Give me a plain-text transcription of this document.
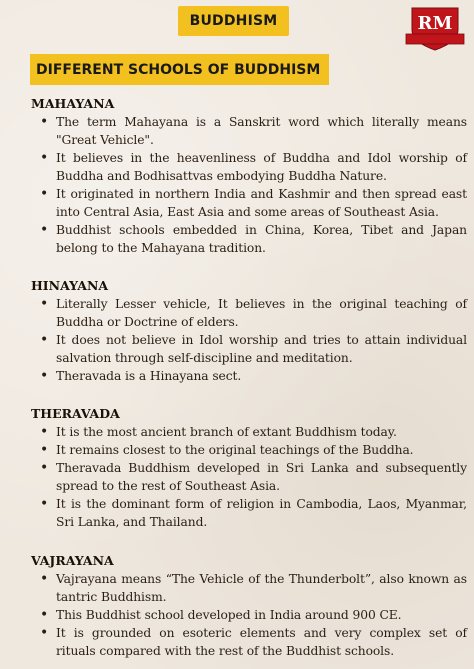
BUDDHISM	RM
DIFFERENT SCHOOLS OF BUDDHISM
MAHAYANA
• The term Mahayana is a Sanskrit word which literally means "Great Vehicle".
• It believes in the heavenliness of Buddha and Idol worship of Buddha and Bodhisattvas embodying Buddha Nature.
• It originated in northern India and Kashmir and then spread east into Central Asia, East Asia and some areas of Southeast Asia.
• Buddhist schools embedded in China, Korea, Tibet and Japan belong to the Mahayana tradition.
HINAYANA
• Literally Lesser vehicle, It believes in the original teaching of Buddha or Doctrine of elders.
• It does not believe in Idol worship and tries to attain individual salvation through self-discipline and meditation.
• Theravada is a Hinayana sect.
THERAVADA
• It is the most ancient branch of extant Buddhism today.
• It remains closest to the original teachings of the Buddha.
• Theravada Buddhism developed in Sri Lanka and subsequently spread to the rest of Southeast Asia.
• It is the dominant form of religion in Cambodia, Laos, Myanmar, Sri Lanka, and Thailand.
VAJRAYANA
• Vajrayana means “The Vehicle of the Thunderbolt”, also known as tantric Buddhism.
• This Buddhist school developed in India around 900 CE.
• It is grounded on esoteric elements and very complex set of rituals compared with the rest of the Buddhist schools.
